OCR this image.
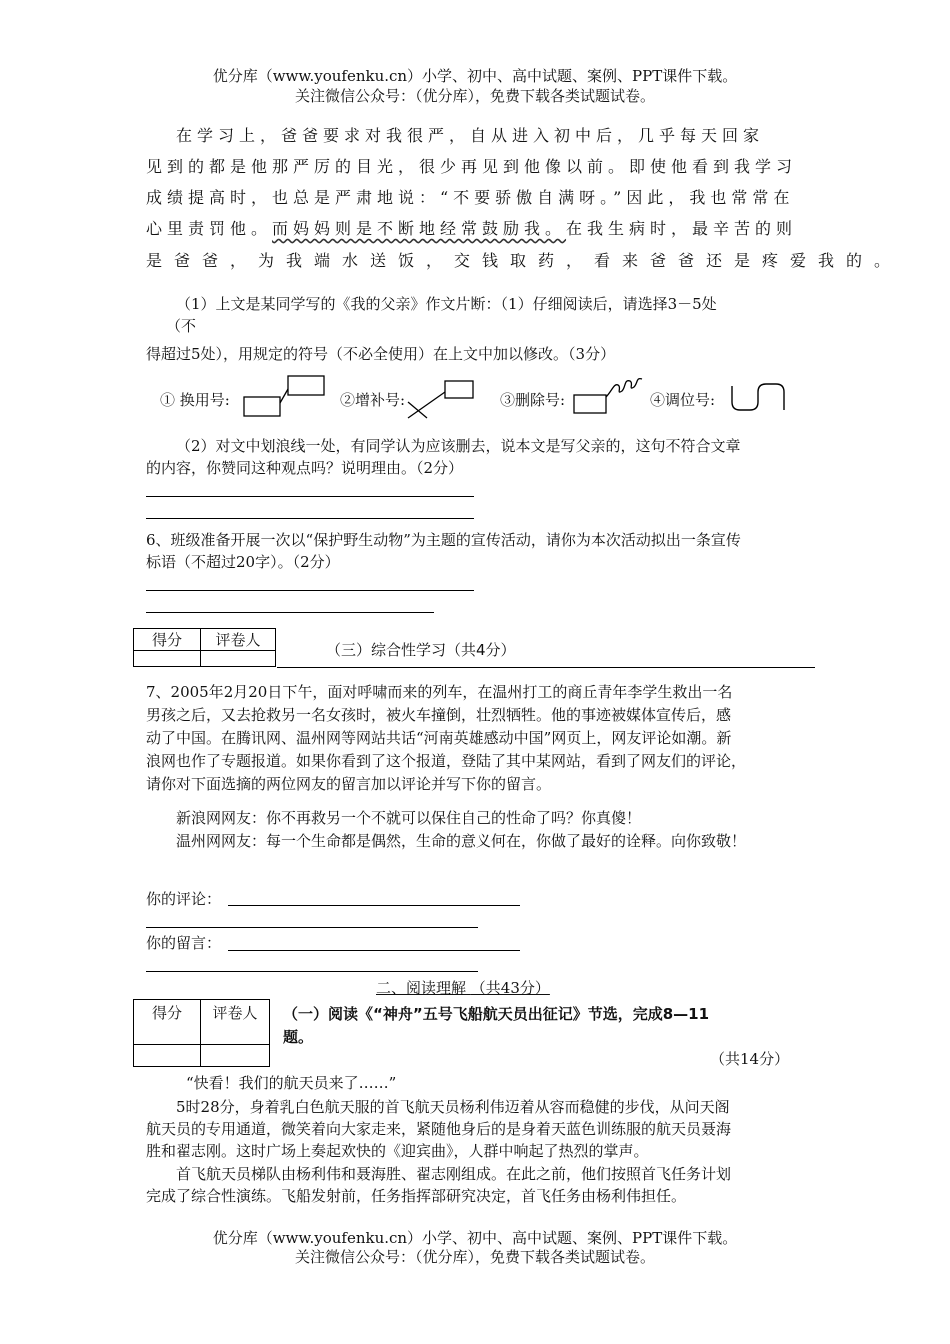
优分库（www.youfenku.cn）小学、初中、高中试题、案例、PPT课件下载。
关注微信公众号：（优分库），免费下载各类试题试卷。
在学习上，爸爸要求对我很严，自从进入初中后，几乎每天回家
见到的都是他那严厉的目光，很少再见到他像以前。即使他看到我学习
成绩提高时，也总是严肃地说：“不要骄傲自满呀。”因此，我也常常在
心里责罚他。而妈妈则是不断地经常鼓励我。在我生病时，最辛苦的则
是爸爸，为我端水送饭，交钱取药，看来爸爸还是疼爱我的。
（1）上文是某同学写的《我的父亲》作文片断：（1）仔细阅读后，请选择3－5处
（不
得超过5处），用规定的符号（不必全使用）在上文中加以修改。（3分）
① 换用号:	②增补号:	③删除号:	④调位号:
（2）对文中划浪线一处，有同学认为应该删去，说本文是写父亲的，这句不符合文章
的内容，你赞同这种观点吗？说明理由。（2分）
6、班级准备开展一次以“保护野生动物”为主题的宣传活动，请你为本次活动拟出一条宣传
标语（不超过20字）。（2分）
得分	评卷人

（三）综合性学习（共4分）
7、2005年2月20日下午，面对呼啸而来的列车，在温州打工的商丘青年李学生救出一名
男孩之后，又去抢救另一名女孩时，被火车撞倒，壮烈牺牲。他的事迹被媒体宣传后，感
动了中国。在腾讯网、温州网等网站共话“河南英雄感动中国”网页上，网友评论如潮。新
浪网也作了专题报道。如果你看到了这个报道，登陆了其中某网站，看到了网友们的评论，
请你对下面选摘的两位网友的留言加以评论并写下你的留言。
新浪网网友：你不再救另一个不就可以保住自己的性命了吗？你真傻！
温州网网友：每一个生命都是偶然，生命的意义何在，你做了最好的诠释。向你致敬！
你的评论：
你的留言：
二、阅读理解 （共43分）
得分	评卷人
	（一）阅读《“神舟”五号飞船航天员出征记》节选，完成8—11
题。
（共14分）
“快看！我们的航天员来了……”
5时28分，身着乳白色航天服的首飞航天员杨利伟迈着从容而稳健的步伐，从问天阁
航天员的专用通道，微笑着向大家走来，紧随他身后的是身着天蓝色训练服的航天员聂海
胜和翟志刚。这时广场上奏起欢快的《迎宾曲》，人群中响起了热烈的掌声。
首飞航天员梯队由杨利伟和聂海胜、翟志刚组成。在此之前，他们按照首飞任务计划
完成了综合性演练。飞船发射前，任务指挥部研究决定，首飞任务由杨利伟担任。
优分库（www.youfenku.cn）小学、初中、高中试题、案例、PPT课件下载。
关注微信公众号：（优分库），免费下载各类试题试卷。
